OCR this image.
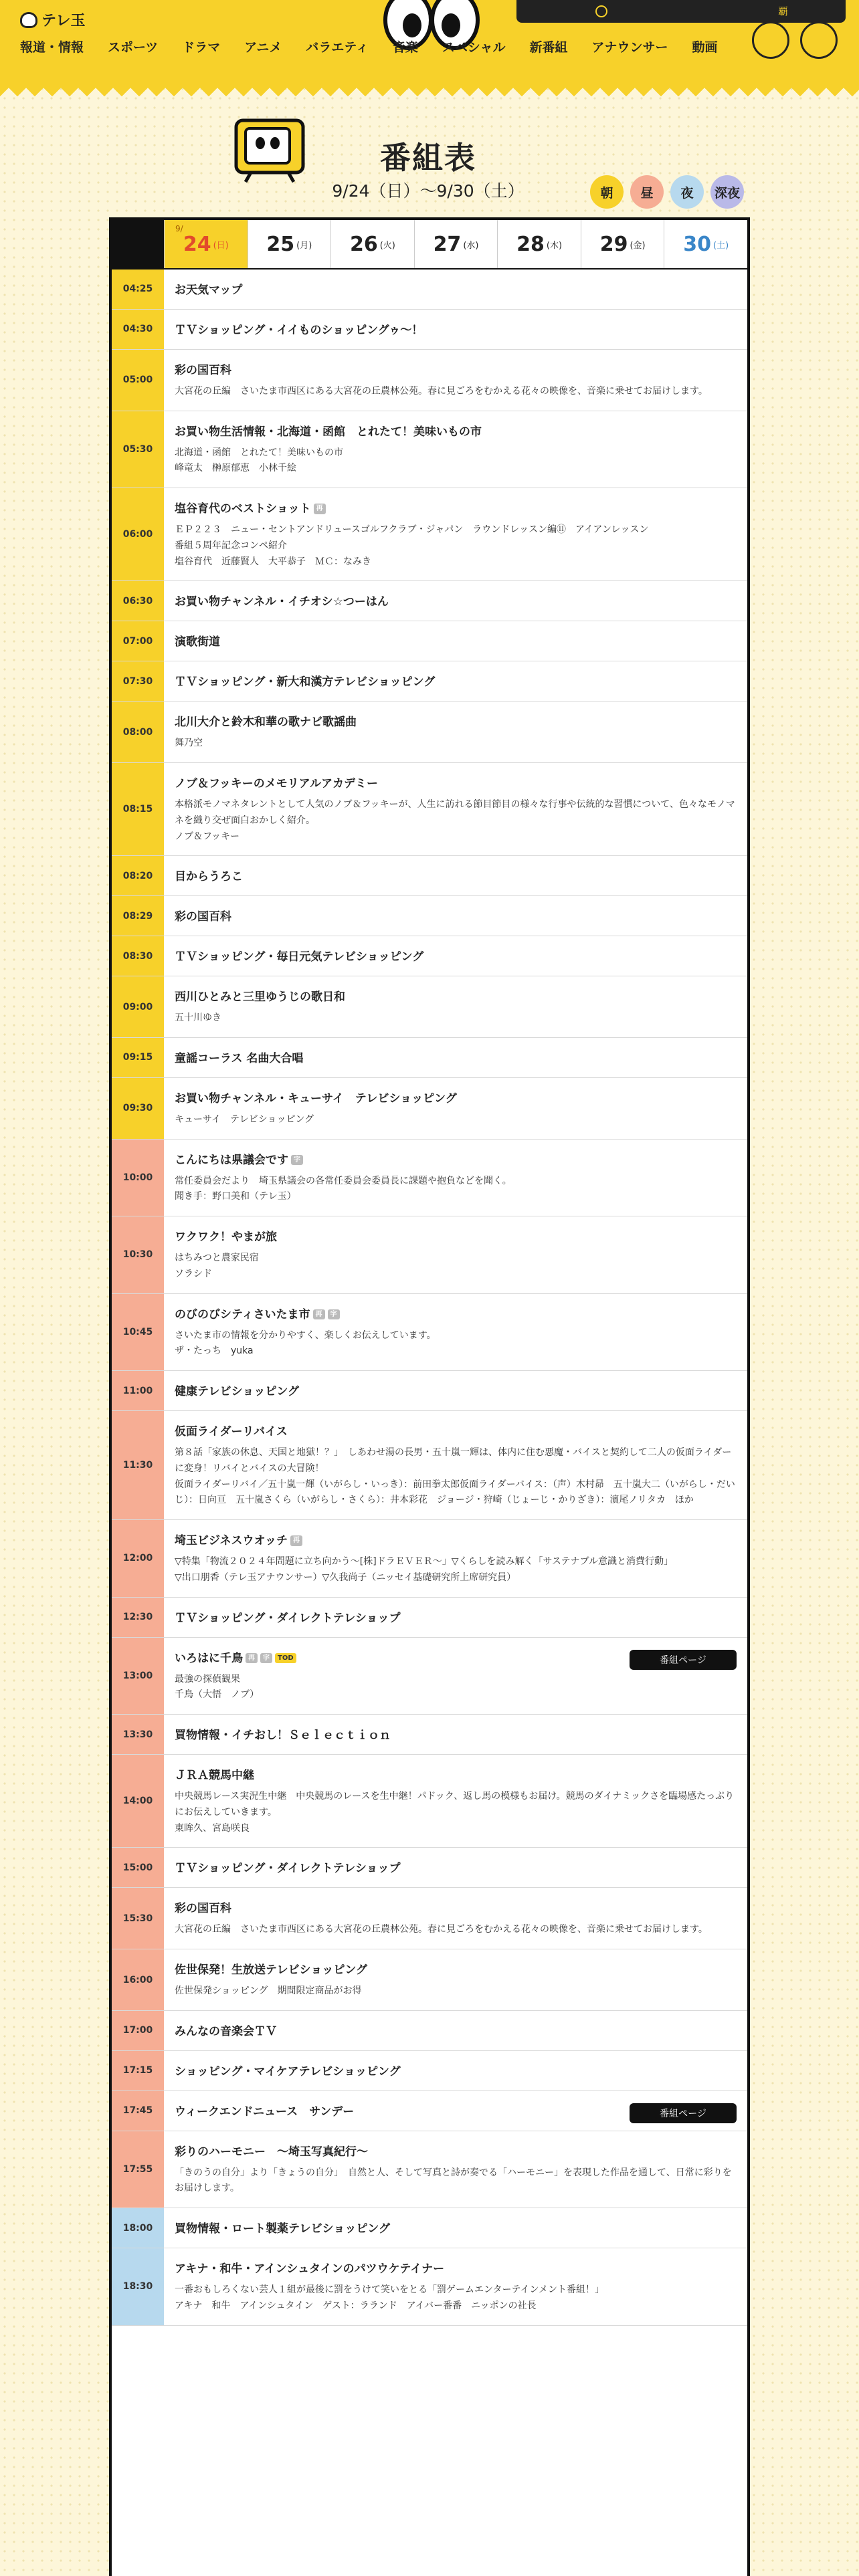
テレ玉
覇
報道・情報 スポーツ ドラマ アニメ バラエティ 音楽 スペシャル 新番組 アナウンサー 動画
番組表
9/24（日）〜9/30（土）	朝	昼	夜	深夜
9/
24 (日) 25 (月) 26 (火) 27 (水) 28 (木) 29 (金) 30 (土)
04:25	お天気マップ
04:30	ＴＶショッピング・イイものショッピングゥ〜！
05:00
彩の国百科
大宮花の丘編　さいたま市西区にある大宮花の丘農林公苑。春に見ごろをむかえる花々の映像を、音楽に乗せてお届けします。
05:30
お買い物生活情報・北海道・函館　とれたて！美味いもの市
北海道・函館　とれたて！美味いもの市
峰竜太　榊原郁恵　小林千絵
06:00
塩谷育代のベストショット 再
ＥＰ２２３　ニュー・セントアンドリュースゴルフクラブ・ジャパン　ラウンドレッスン編⑪　アイアンレッスン
番組５周年記念コンペ紹介
塩谷育代　近藤賢人　大平恭子　ＭＣ：なみき
06:30	お買い物チャンネル・イチオシ☆つーはん
07:00	演歌街道
07:30	ＴＶショッピング・新大和漢方テレビショッピング
08:00
北川大介と鈴木和華の歌ナビ歌謡曲
舞乃空
08:15
ノブ＆フッキーのメモリアルアカデミー
本格派モノマネタレントとして人気のノブ＆フッキーが、人生に訪れる節目節目の様々な行事や伝統的な習慣について、色々なモノマネを織り交ぜ面白おかしく紹介。
ノブ＆フッキー
08:20	目からうろこ
08:29	彩の国百科
08:30	ＴＶショッピング・毎日元気テレビショッピング
09:00
西川ひとみと三里ゆうじの歌日和
五十川ゆき
09:15	童謡コーラス 名曲大合唱
09:30
お買い物チャンネル・キューサイ　テレビショッピング
キューサイ　テレビショッピング
10:00
こんにちは県議会です 字
常任委員会だより　埼玉県議会の各常任委員会委員長に課題や抱負などを聞く。
聞き手：野口美和（テレ玉）
10:30
ワクワク！やまが旅
はちみつと農家民宿
ソラシド
10:45
のびのびシティさいたま市 再 字
さいたま市の情報を分かりやすく、楽しくお伝えしています。
ザ・たっち　yuka
11:00	健康テレビショッピング
11:30
仮面ライダーリバイス
第８話「家族の休息、天国と地獄！？」　しあわせ湯の長男・五十嵐一輝は、体内に住む悪魔・バイスと契約して二人の仮面ライダーに変身！リバイとバイスの大冒険！
仮面ライダーリバイ／五十嵐一輝（いがらし・いっき）：前田拳太郎仮面ライダーバイス：（声）木村昴　五十嵐大二（いがらし・だいじ）：日向亘　五十嵐さくら（いがらし・さくら）：井本彩花　ジョージ・狩崎（じょーじ・かりざき）：濱尾ノリタカ　ほか
12:00
埼玉ビジネスウオッチ 再
▽特集「物流２０２４年問題に立ち向かう〜[株]ドラＥＶＥＲ〜」▽くらしを読み解く「サステナブル意識と消費行動」
▽出口朋香（テレ玉アナウンサー）▽久我尚子（ニッセイ基礎研究所上席研究員）
12:30	ＴＶショッピング・ダイレクトテレショップ
13:00
いろはに千鳥 再 字 TOD	番組ページ
最強の探偵観果
千鳥（大悟　ノブ）
13:30	買物情報・イチおし！Ｓｅｌｅｃｔｉｏｎ
14:00
ＪＲＡ競馬中継
中央競馬レース実況生中継　中央競馬のレースを生中継！パドック、返し馬の模様もお届け。競馬のダイナミックさを臨場感たっぷりにお伝えしていきます。
東眸久、宮島咲良
15:00	ＴＶショッピング・ダイレクトテレショップ
15:30
彩の国百科
大宮花の丘編　さいたま市西区にある大宮花の丘農林公苑。春に見ごろをむかえる花々の映像を、音楽に乗せてお届けします。
16:00
佐世保発！生放送テレビショッピング
佐世保発ショッピング　期間限定商品がお得
17:00	みんなの音楽会ＴＶ
17:15	ショッピング・マイケアテレビショッピング
17:45	ウィークエンドニュース　サンデー	番組ページ
17:55
彩りのハーモニー　〜埼玉写真紀行〜
「きのうの自分」より「きょうの自分」　自然と人、そして写真と詩が奏でる「ハーモニー」を表現した作品を通して、日常に彩りをお届けします。
18:00	買物情報・ロート製薬テレビショッピング
18:30
アキナ・和牛・アインシュタインのパツウケテイナー
一番おもしろくない芸人１組が最後に罰をうけて笑いをとる「罰ゲームエンターテインメント番組！」
アキナ　和牛　アインシュタイン　ゲスト：ラランド　アイバー番番　ニッポンの社長
